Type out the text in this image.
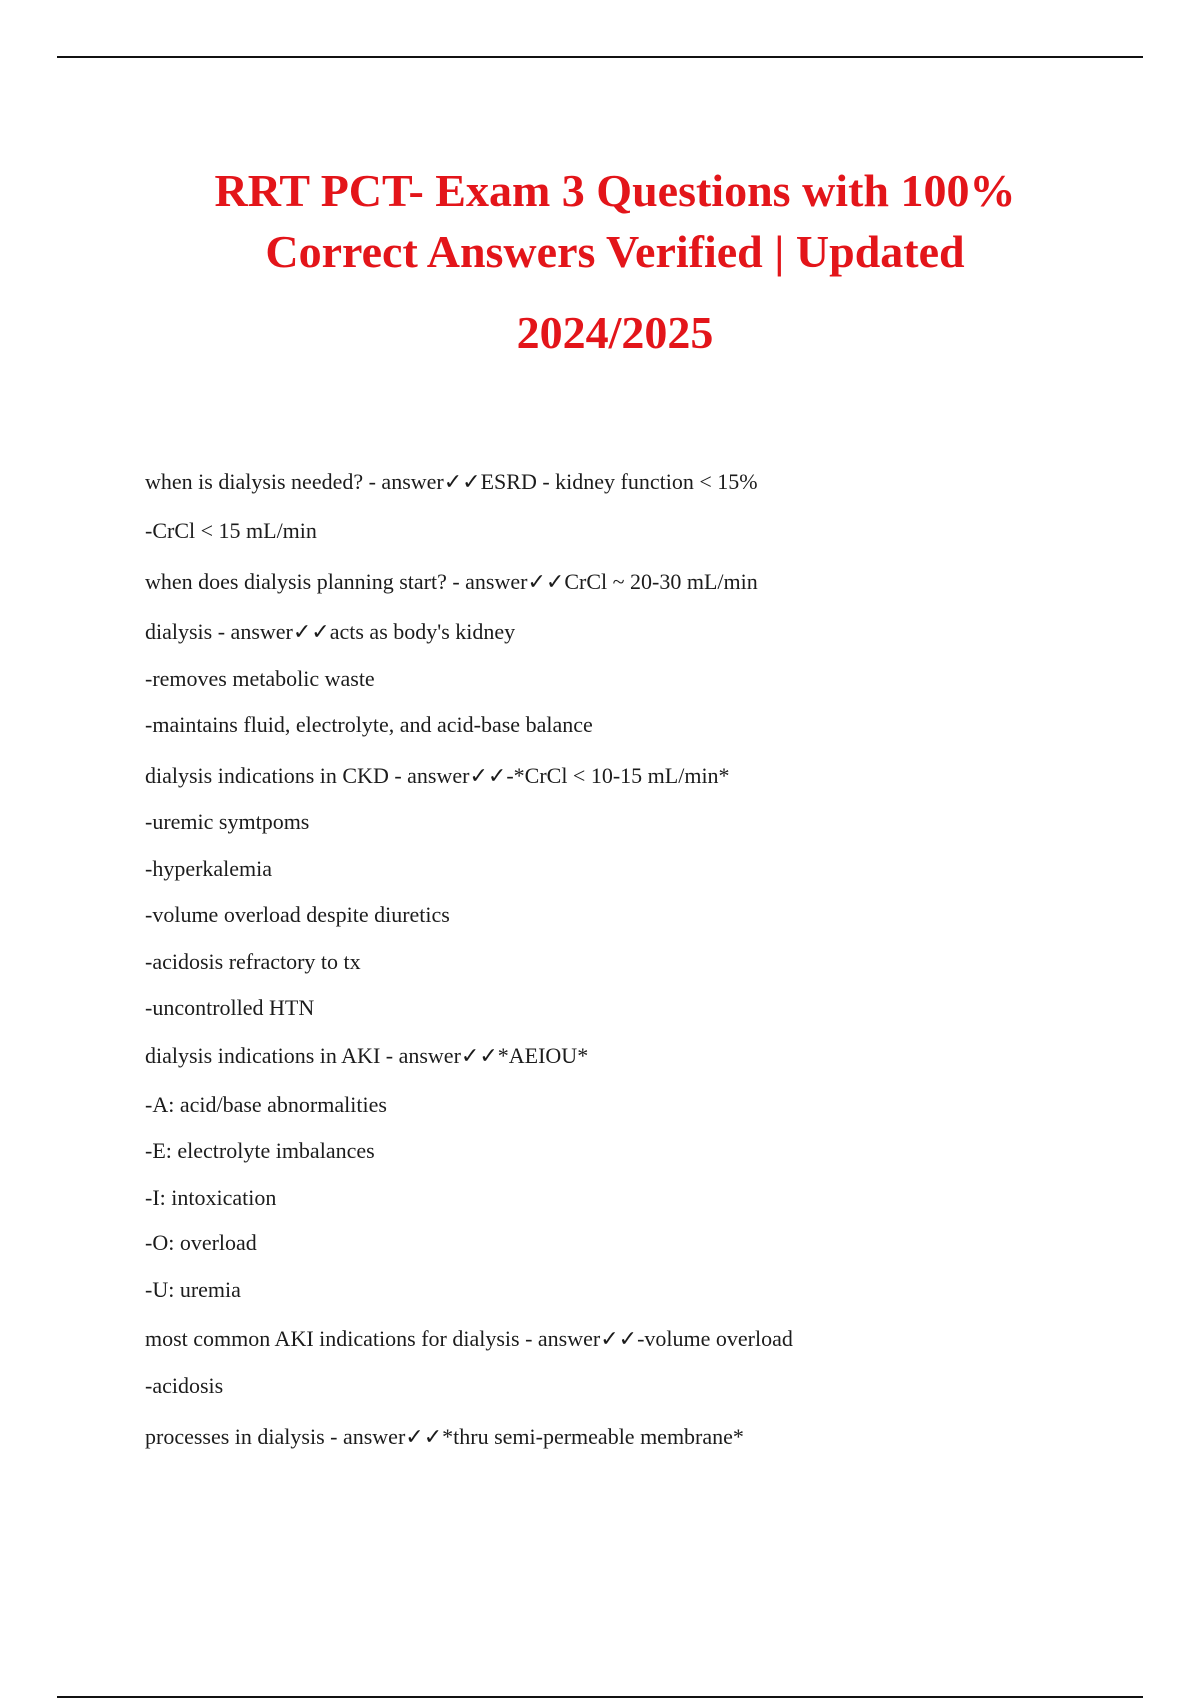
RRT PCT- Exam 3 Questions with 100%
Correct Answers Verified | Updated
2024/2025

when is dialysis needed? - answer✓✓ESRD - kidney function < 15%

-CrCl < 15 mL/min

when does dialysis planning start? - answer✓✓CrCl ~ 20-30 mL/min

dialysis - answer✓✓acts as body's kidney

-removes metabolic waste

-maintains fluid, electrolyte, and acid-base balance

dialysis indications in CKD - answer✓✓-*CrCl < 10-15 mL/min*

-uremic symtpoms

-hyperkalemia

-volume overload despite diuretics

-acidosis refractory to tx

-uncontrolled HTN

dialysis indications in AKI - answer✓✓*AEIOU*

-A: acid/base abnormalities

-E: electrolyte imbalances

-I: intoxication

-O: overload

-U: uremia

most common AKI indications for dialysis - answer✓✓-volume overload

-acidosis

processes in dialysis - answer✓✓*thru semi-permeable membrane*
